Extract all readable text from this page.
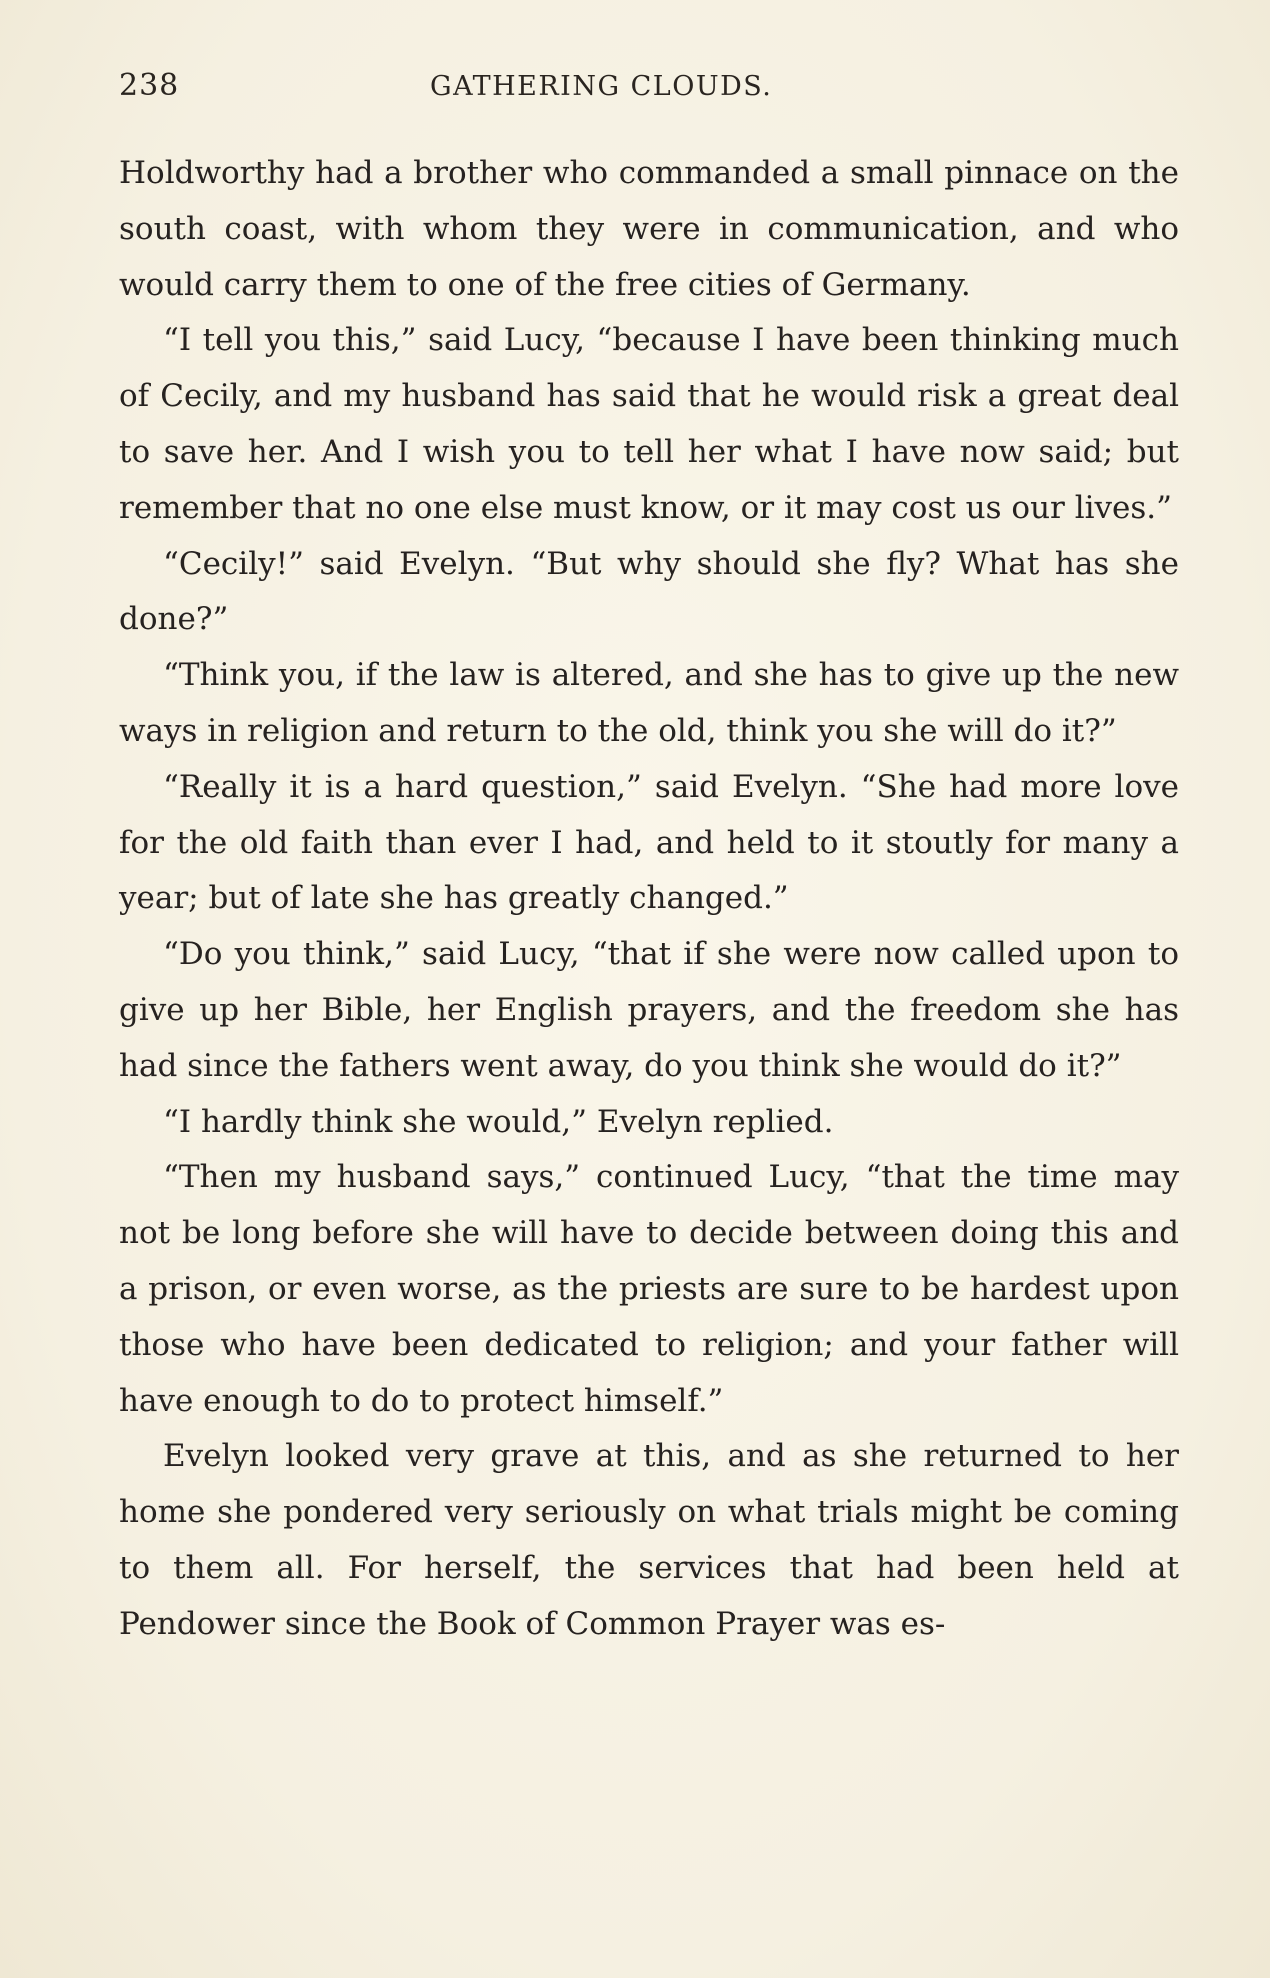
238	GATHERING CLOUDS.

Holdworthy had a brother who commanded a small pinnace on the south coast, with whom they were in communication, and who would carry them to one of the free cities of Germany.

“I tell you this,” said Lucy, “because I have been thinking much of Cecily, and my husband has said that he would risk a great deal to save her. And I wish you to tell her what I have now said; but remember that no one else must know, or it may cost us our lives.”

“Cecily!” said Evelyn. “But why should she fly? What has she done?”

“Think you, if the law is altered, and she has to give up the new ways in religion and return to the old, think you she will do it?”

“Really it is a hard question,” said Evelyn. “She had more love for the old faith than ever I had, and held to it stoutly for many a year; but of late she has greatly changed.”

“Do you think,” said Lucy, “that if she were now called upon to give up her Bible, her English prayers, and the freedom she has had since the fathers went away, do you think she would do it?”

“I hardly think she would,” Evelyn replied.

“Then my husband says,” continued Lucy, “that the time may not be long before she will have to decide between doing this and a prison, or even worse, as the priests are sure to be hardest upon those who have been dedicated to religion; and your father will have enough to do to protect himself.”

Evelyn looked very grave at this, and as she returned to her home she pondered very seriously on what trials might be coming to them all. For herself, the services that had been held at Pendower since the Book of Common Prayer was es-
